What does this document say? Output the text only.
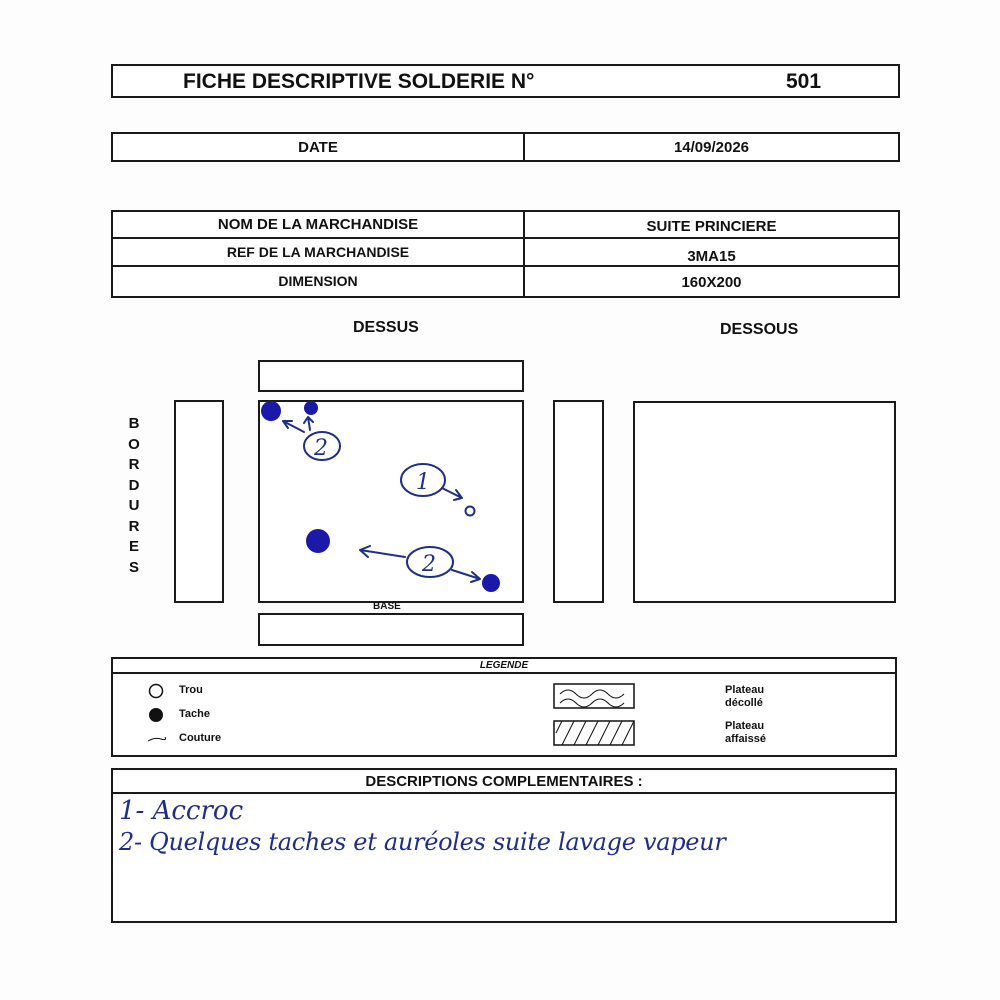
FICHE DESCRIPTIVE SOLDERIE N°	501
DATE	14/09/2026
NOM DE LA MARCHANDISE	SUITE PRINCIERE
REF DE LA MARCHANDISE	3MA15
DIMENSION	160X200
DESSUS	DESSOUS
B
O
R
D
U
R
E
S
BASE
2
1
2
LEGENDE
Trou
Tache
Couture
Plateau
décollé
Plateau
affaissé
DESCRIPTIONS COMPLEMENTAIRES :
1- Accroc
2- Quelques taches et auréoles suite lavage vapeur
